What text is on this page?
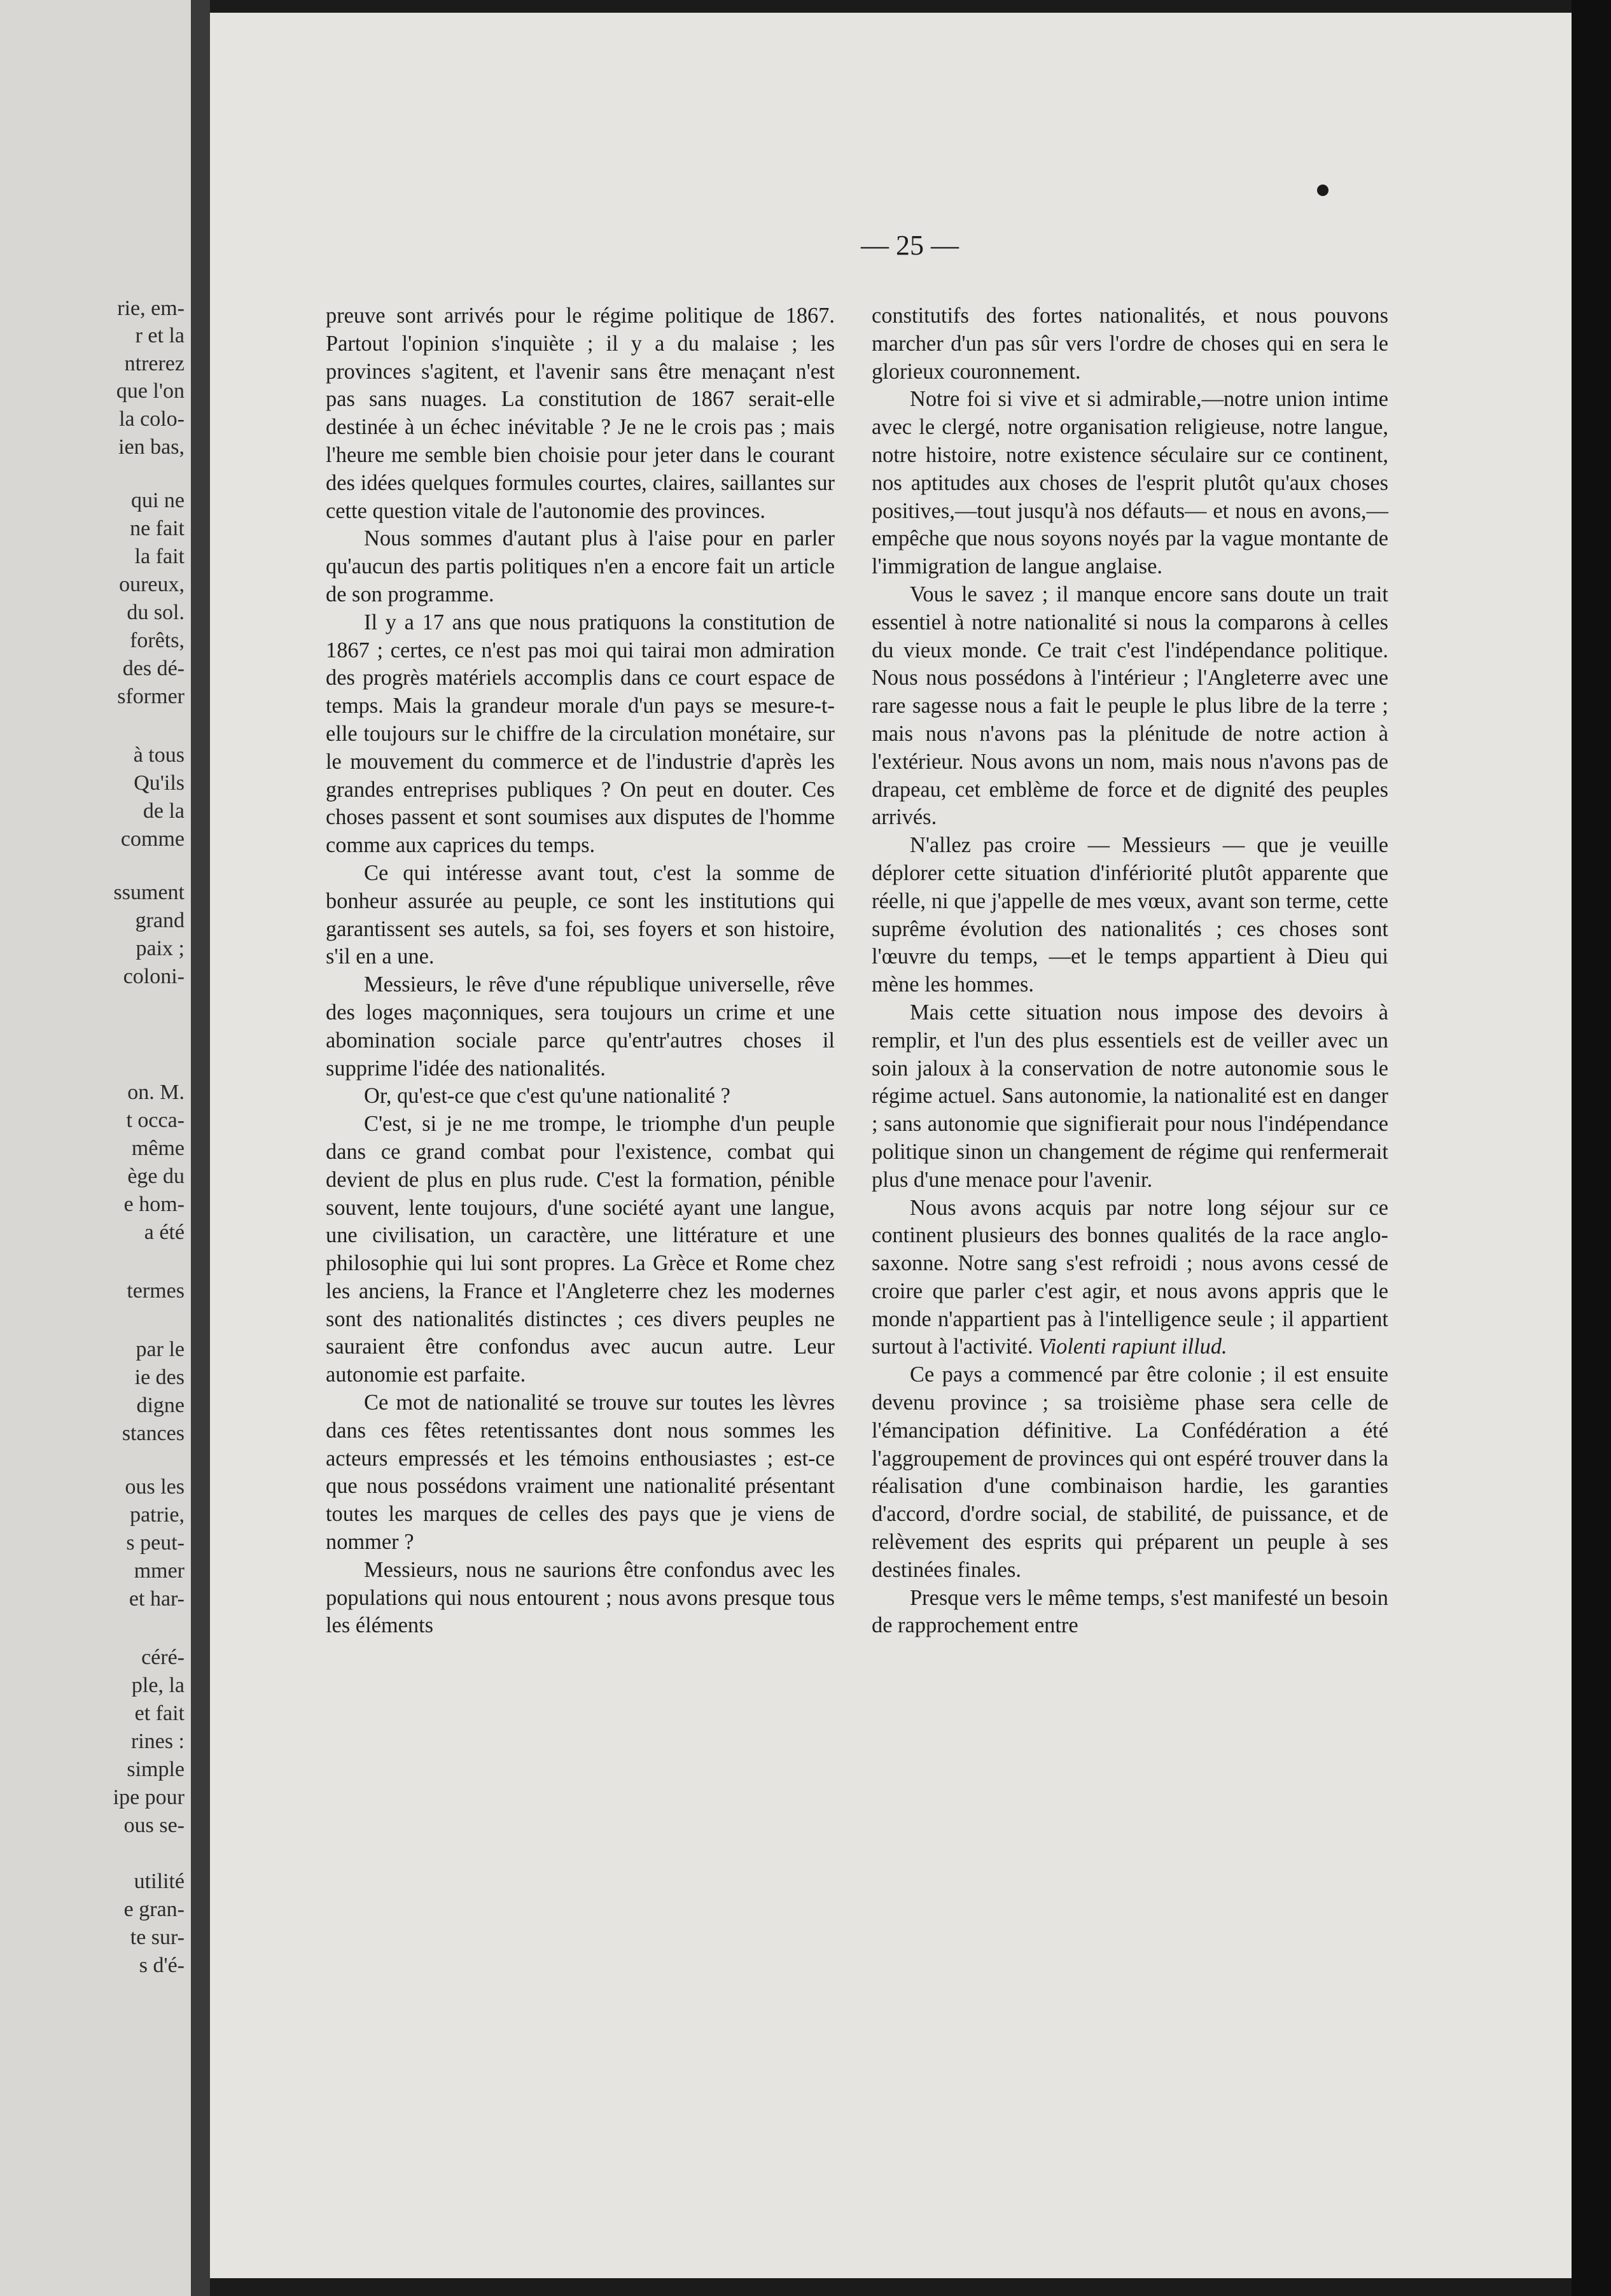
rie, em-
r et la
ntrerez
que l'on
la colo-
ien bas,
qui ne
ne fait
la fait
oureux,
du sol.
forêts,
des dé-
sformer
à tous
Qu'ils
de la
comme
ssument
grand
paix ;
coloni-
on. M.
t occa-
même
ège du
e hom-
a été
termes
par le
ie des
digne
stances
ous les
patrie,
s peut-
mmer
et har-
céré-
ple, la
et fait
rines :
simple
ipe pour
ous se-
utilité
e gran-
te sur-
s d'é-
— 25 —

preuve sont arrivés pour le régime politique de 1867. Partout l'opinion s'inquiète ; il y a du malaise ; les provinces s'agitent, et l'avenir sans être menaçant n'est pas sans nuages. La constitution de 1867 serait-elle destinée à un échec inévitable ? Je ne le crois pas ; mais l'heure me semble bien choisie pour jeter dans le courant des idées quelques formules courtes, claires, saillantes sur cette question vitale de l'autonomie des provinces.

Nous sommes d'autant plus à l'aise pour en parler qu'aucun des partis politiques n'en a encore fait un article de son programme.

Il y a 17 ans que nous pratiquons la constitution de 1867 ; certes, ce n'est pas moi qui tairai mon admiration des progrès matériels accomplis dans ce court espace de temps. Mais la grandeur morale d'un pays se mesure-t-elle toujours sur le chiffre de la circulation monétaire, sur le mouvement du commerce et de l'industrie d'après les grandes entreprises publiques ? On peut en douter. Ces choses passent et sont soumises aux disputes de l'homme comme aux caprices du temps.

Ce qui intéresse avant tout, c'est la somme de bonheur assurée au peuple, ce sont les institutions qui garantissent ses autels, sa foi, ses foyers et son histoire, s'il en a une.

Messieurs, le rêve d'une république universelle, rêve des loges maçonniques, sera toujours un crime et une abomination sociale parce qu'entr'autres choses il supprime l'idée des nationalités.

Or, qu'est-ce que c'est qu'une nationalité ?

C'est, si je ne me trompe, le triomphe d'un peuple dans ce grand combat pour l'existence, combat qui devient de plus en plus rude. C'est la formation, pénible souvent, lente toujours, d'une société ayant une langue, une civilisation, un caractère, une littérature et une philosophie qui lui sont propres. La Grèce et Rome chez les anciens, la France et l'Angleterre chez les modernes sont des nationalités distinctes ; ces divers peuples ne sauraient être confondus avec aucun autre. Leur autonomie est parfaite.

Ce mot de nationalité se trouve sur toutes les lèvres dans ces fêtes retentissantes dont nous sommes les acteurs empressés et les témoins enthousiastes ; est-ce que nous possédons vraiment une nationalité présentant toutes les marques de celles des pays que je viens de nommer ?

Messieurs, nous ne saurions être confondus avec les populations qui nous entourent ; nous avons presque tous les éléments

constitutifs des fortes nationalités, et nous pouvons marcher d'un pas sûr vers l'ordre de choses qui en sera le glorieux couronnement.

Notre foi si vive et si admirable,—notre union intime avec le clergé, notre organisation religieuse, notre langue, notre histoire, notre existence séculaire sur ce continent, nos aptitudes aux choses de l'esprit plutôt qu'aux choses positives,—tout jusqu'à nos défauts— et nous en avons,—empêche que nous soyons noyés par la vague montante de l'immigration de langue anglaise.

Vous le savez ; il manque encore sans doute un trait essentiel à notre nationalité si nous la comparons à celles du vieux monde. Ce trait c'est l'indépendance politique. Nous nous possédons à l'intérieur ; l'Angleterre avec une rare sagesse nous a fait le peuple le plus libre de la terre ; mais nous n'avons pas la plénitude de notre action à l'extérieur. Nous avons un nom, mais nous n'avons pas de drapeau, cet emblème de force et de dignité des peuples arrivés.

N'allez pas croire — Messieurs — que je veuille déplorer cette situation d'infériorité plutôt apparente que réelle, ni que j'appelle de mes vœux, avant son terme, cette suprême évolution des nationalités ; ces choses sont l'œuvre du temps, —et le temps appartient à Dieu qui mène les hommes.

Mais cette situation nous impose des devoirs à remplir, et l'un des plus essentiels est de veiller avec un soin jaloux à la conservation de notre autonomie sous le régime actuel. Sans autonomie, la nationalité est en danger ; sans autonomie que signifierait pour nous l'indépendance politique sinon un changement de régime qui renfermerait plus d'une menace pour l'avenir.

Nous avons acquis par notre long séjour sur ce continent plusieurs des bonnes qualités de la race anglo-saxonne. Notre sang s'est refroidi ; nous avons cessé de croire que parler c'est agir, et nous avons appris que le monde n'appartient pas à l'intelligence seule ; il appartient surtout à l'activité. Violenti rapiunt illud.

Ce pays a commencé par être colonie ; il est ensuite devenu province ; sa troisième phase sera celle de l'émancipation définitive. La Confédération a été l'aggroupement de provinces qui ont espéré trouver dans la réalisation d'une combinaison hardie, les garanties d'accord, d'ordre social, de stabilité, de puissance, et de relèvement des esprits qui préparent un peuple à ses destinées finales.

Presque vers le même temps, s'est manifesté un besoin de rapprochement entre
